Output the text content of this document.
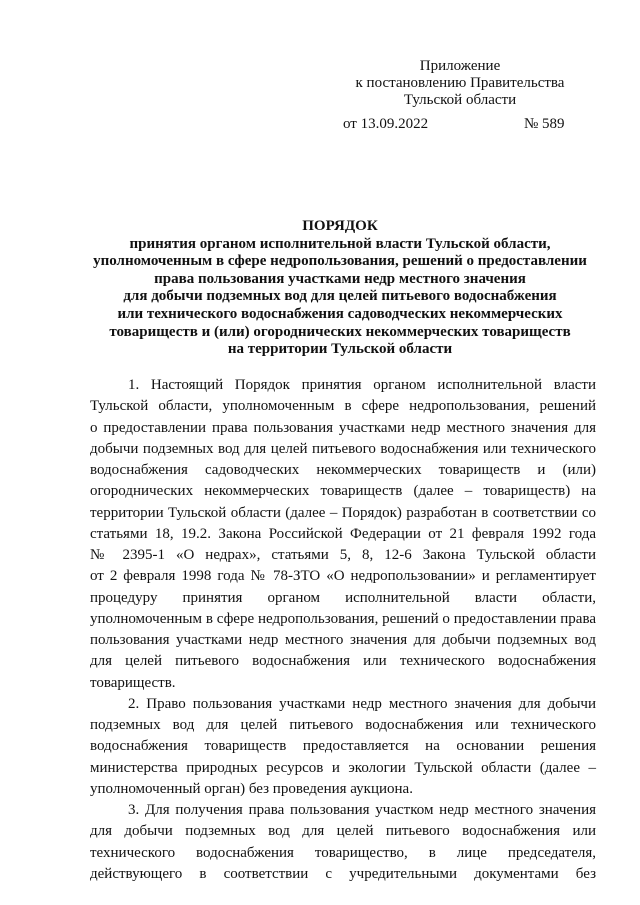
Приложение
к постановлению Правительства
Тульской области
от 13.09.2022	№ 589
ПОРЯДОК
принятия органом исполнительной власти Тульской области,
уполномоченным в сфере недропользования, решений о предоставлении
права пользования участками недр местного значения
для добычи подземных вод для целей питьевого водоснабжения
или технического водоснабжения садоводческих некоммерческих
товариществ и (или) огороднических некоммерческих товариществ
на территории Тульской области
1. Настоящий Порядок принятия органом исполнительной власти
Тульской области, уполномоченным в сфере недропользования, решений
о предоставлении права пользования участками недр местного значения для
добычи подземных вод для целей питьевого водоснабжения или технического
водоснабжения садоводческих некоммерческих товариществ и (или)
огороднических некоммерческих товариществ (далее – товариществ) на
территории Тульской области (далее – Порядок) разработан в соответствии со
статьями 18, 19.2. Закона Российской Федерации от 21 февраля 1992 года
№ 2395-1 «О недрах», статьями 5, 8, 12-6 Закона Тульской области
от 2 февраля 1998 года № 78-ЗТО «О недропользовании» и регламентирует
процедуру принятия органом исполнительной власти области,
уполномоченным в сфере недропользования, решений о предоставлении права
пользования участками недр местного значения для добычи подземных вод
для целей питьевого водоснабжения или технического водоснабжения
товариществ.
2. Право пользования участками недр местного значения для добычи
подземных вод для целей питьевого водоснабжения или технического
водоснабжения товариществ предоставляется на основании решения
министерства природных ресурсов и экологии Тульской области (далее –
уполномоченный орган) без проведения аукциона.
3. Для получения права пользования участком недр местного значения
для добычи подземных вод для целей питьевого водоснабжения или
технического водоснабжения товарищество, в лице председателя,
действующего в соответствии с учредительными документами без
